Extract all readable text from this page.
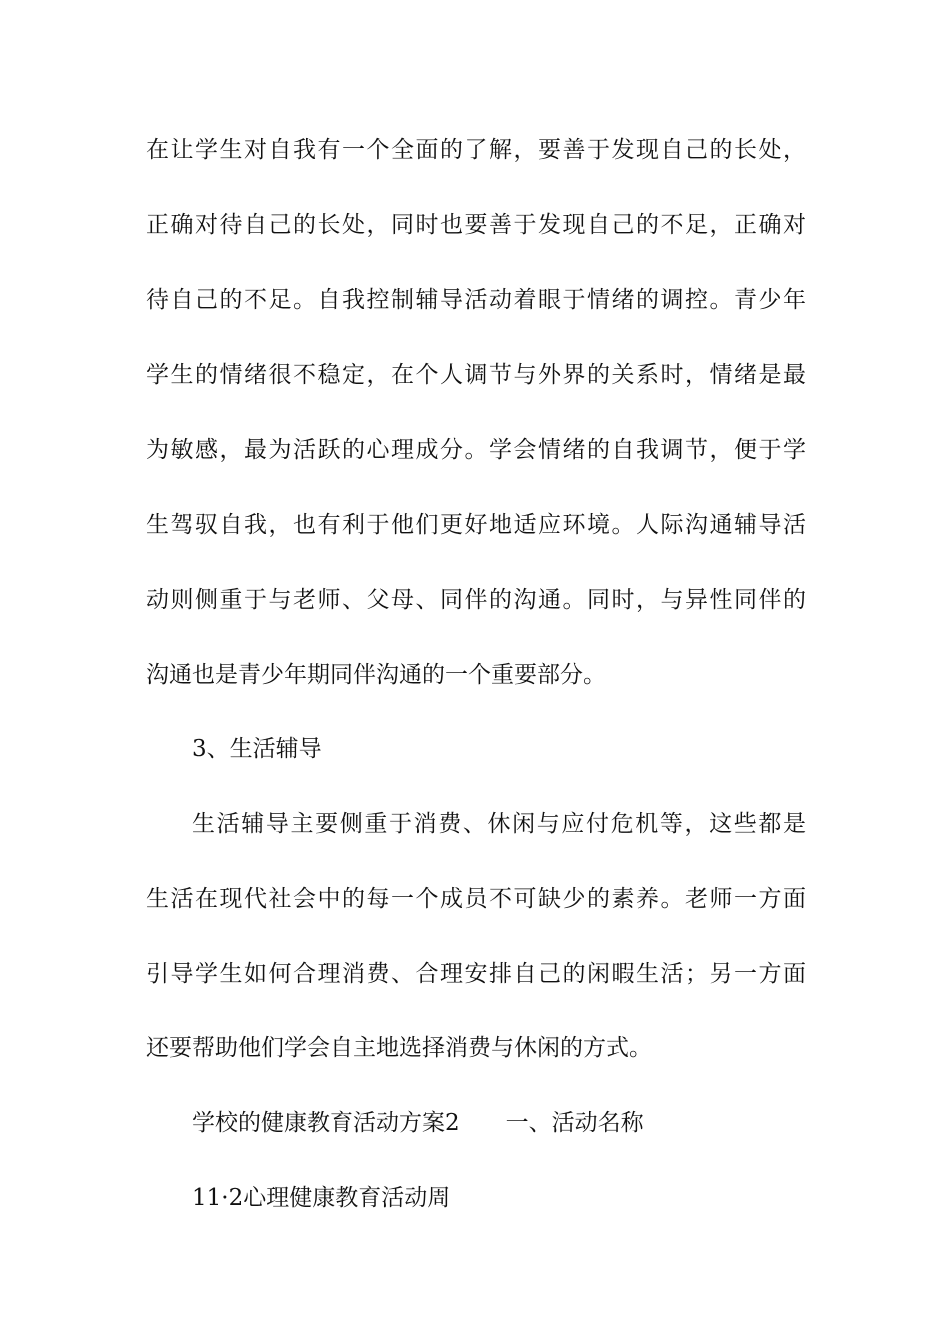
在让学生对自我有一个全面的了解，要善于发现自己的长处，
正确对待自己的长处，同时也要善于发现自己的不足，正确对
待自己的不足。自我控制辅导活动着眼于情绪的调控。青少年
学生的情绪很不稳定，在个人调节与外界的关系时，情绪是最
为敏感，最为活跃的心理成分。学会情绪的自我调节，便于学
生驾驭自我，也有利于他们更好地适应环境。人际沟通辅导活
动则侧重于与老师、父母、同伴的沟通。同时，与异性同伴的
沟通也是青少年期同伴沟通的一个重要部分。
3、生活辅导
生活辅导主要侧重于消费、休闲与应付危机等，这些都是
生活在现代社会中的每一个成员不可缺少的素养。老师一方面
引导学生如何合理消费、合理安排自己的闲暇生活；另一方面
还要帮助他们学会自主地选择消费与休闲的方式。
学校的健康教育活动方案2　　一、活动名称
11·2心理健康教育活动周
